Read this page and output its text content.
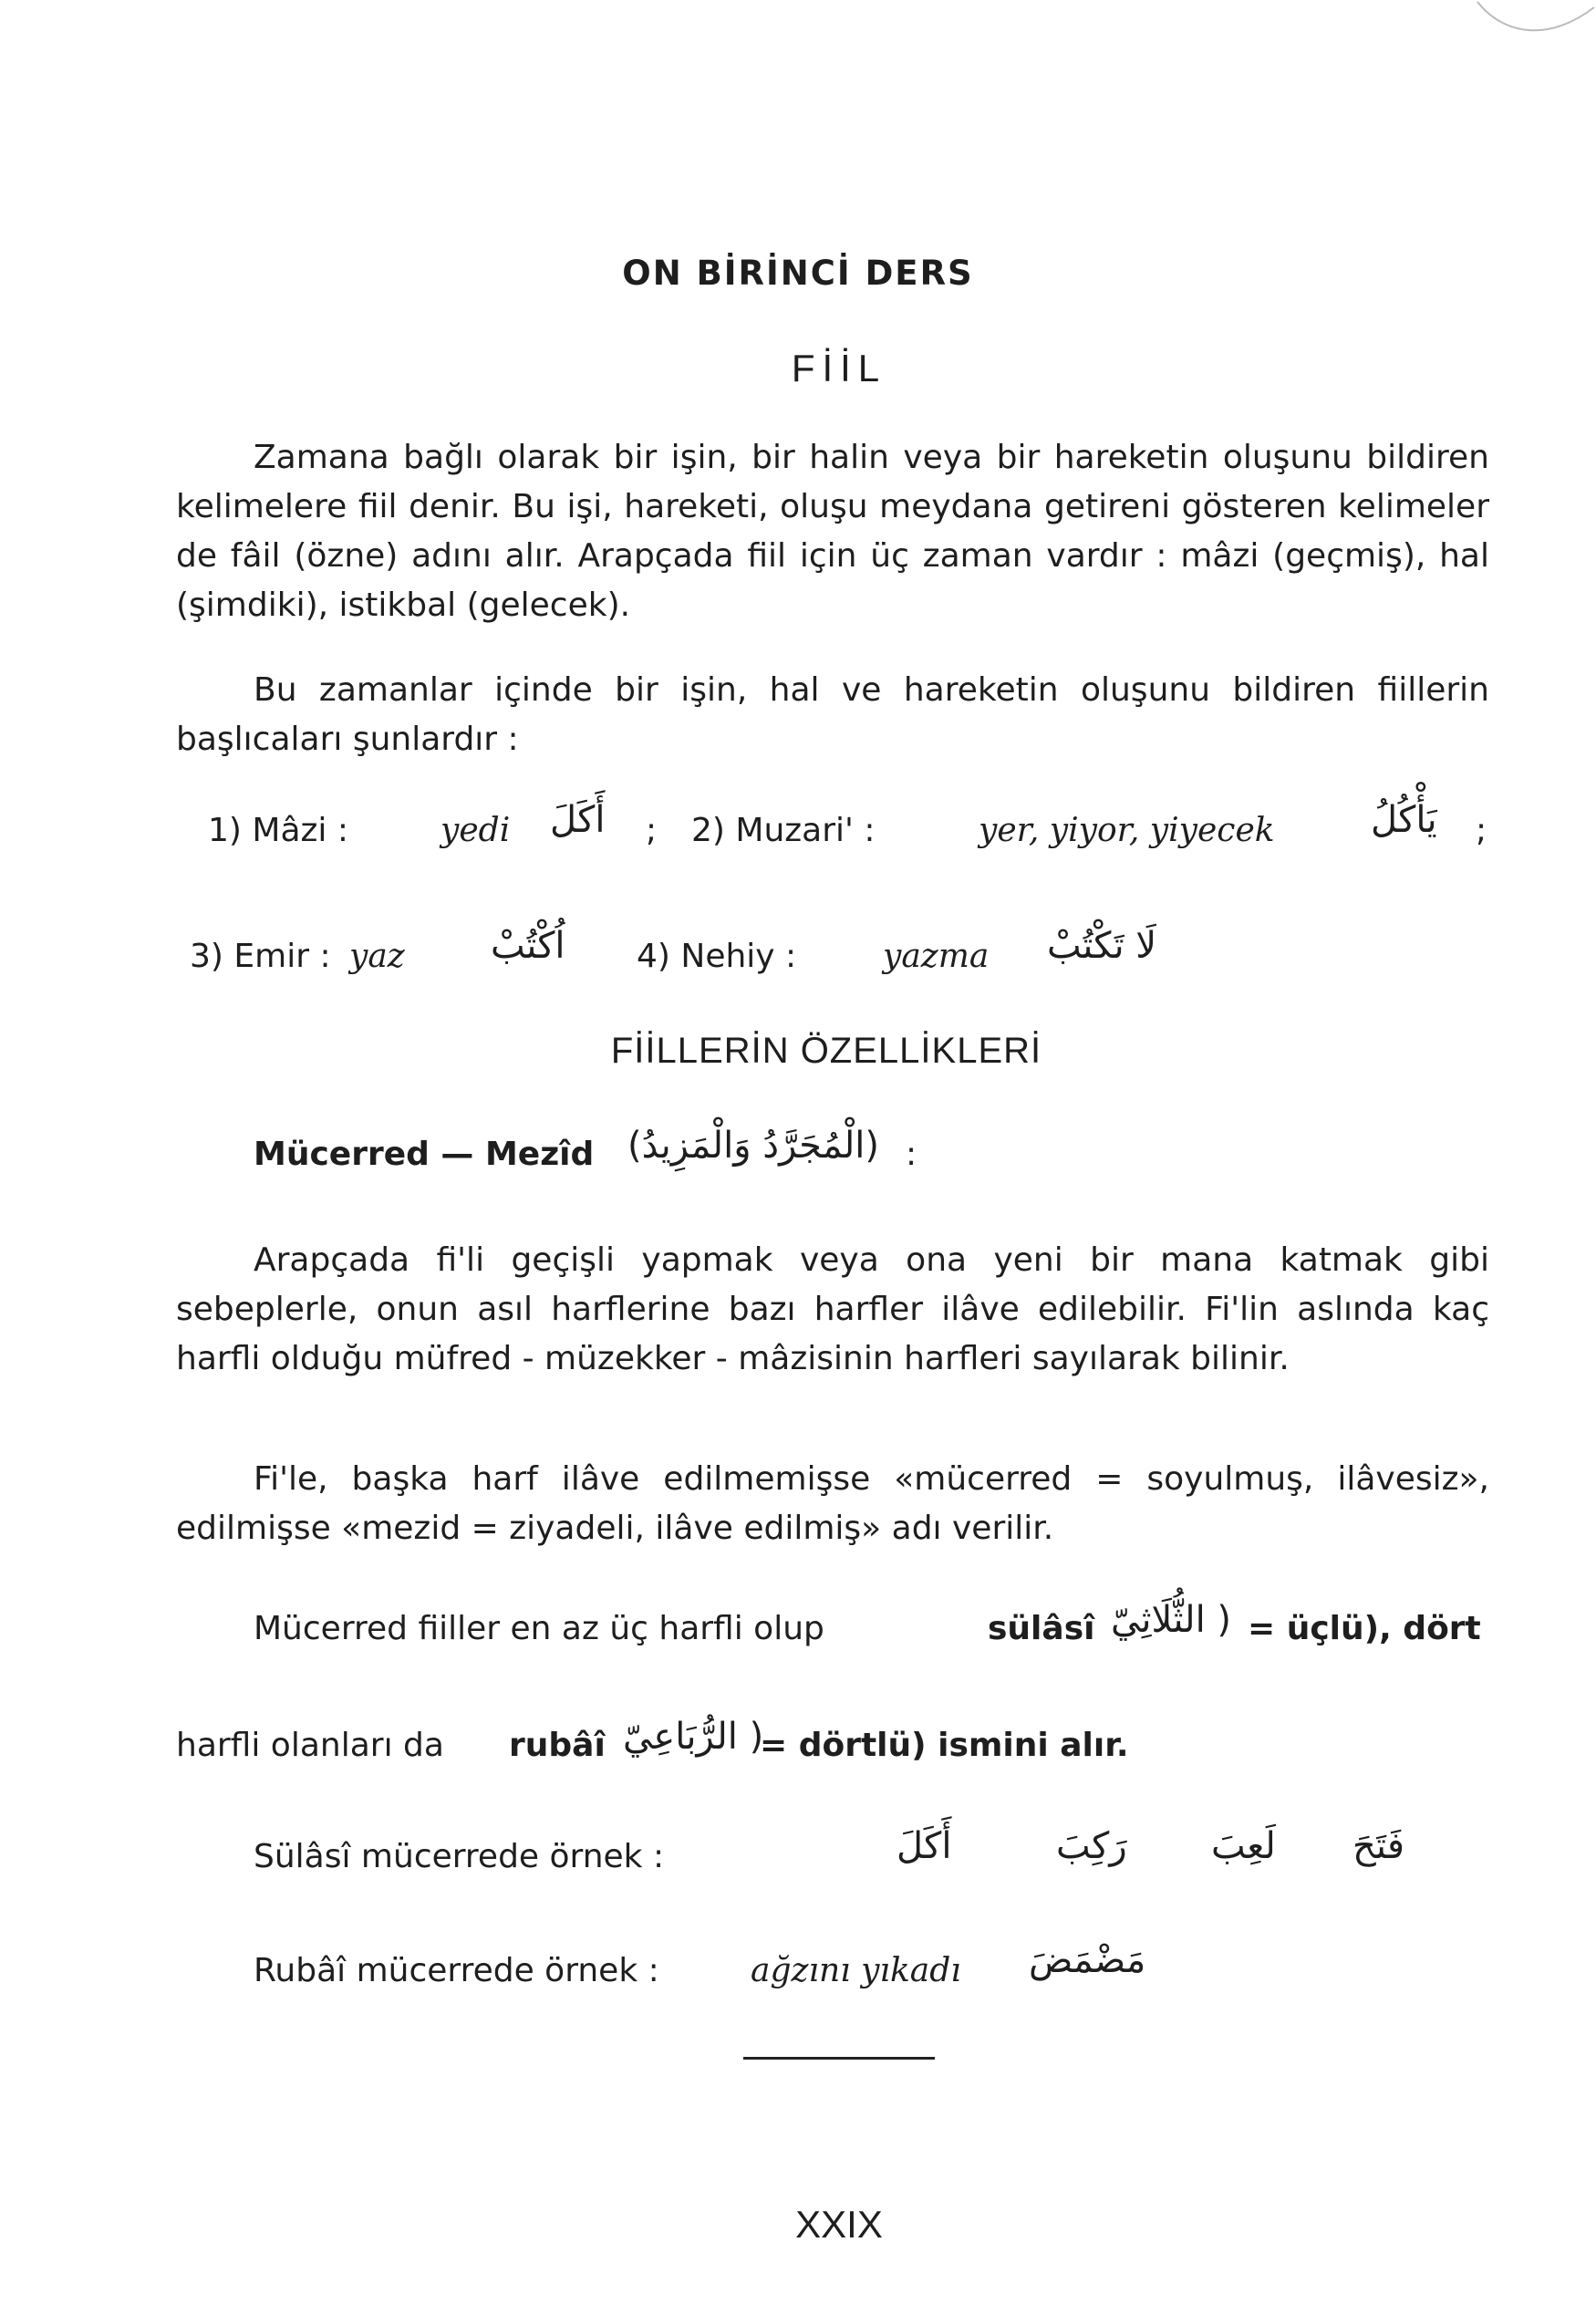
ON BİRİNCİ DERS
FİİL

Zamana bağlı olarak bir işin, bir halin veya bir hareketin oluşunu bildiren kelimelere fiil denir. Bu işi, hareketi, oluşu meydana getireni gösteren kelimeler de fâil (özne) adını alır. Arapçada fiil için üç zaman vardır : mâzi (geçmiş), hal (şimdiki), istikbal (gelecek).

Bu zamanlar içinde bir işin, hal ve hareketin oluşunu bildiren fiillerin başlıcaları şunlardır :

1) Mâzi :	yedi أَكَلَ ; 2) Muzari' :	yer, yiyor, yiyecek	يَأْكُلُ ;
3) Emir : yaz اُكْتُبْ 4) Nehiy :	yazma لَا تَكْتُبْ
FİİLLERİN ÖZELLİKLERİ
Mücerred — Mezîd (الْمُجَرَّدُ وَالْمَزِيدُ) :

Arapçada fi'li geçişli yapmak veya ona yeni bir mana katmak gibi sebeplerle, onun asıl harflerine bazı harfler ilâve edilebilir. Fi'lin aslında kaç harfli olduğu müfred - müzekker - mâzisinin harfleri sayılarak bilinir.

Fi'le, başka harf ilâve edilmemişse «mücerred = soyulmuş, ilâvesiz», edilmişse «mezid = ziyadeli, ilâve edilmiş» adı verilir.

Mücerred fiiller en az üç harfli olup	sülâsî ( الثُّلَاثِيّ = üçlü), dört
harfli olanları da rubâî ( الرُّبَاعِيّ
= dörtlü) ismini alır.
Sülâsî mücerrede örnek :	أَكَلَ	رَكِبَ لَعِبَ فَتَحَ
Rubâî mücerrede örnek :	ağzını yıkadı مَضْمَضَ
XXIX
